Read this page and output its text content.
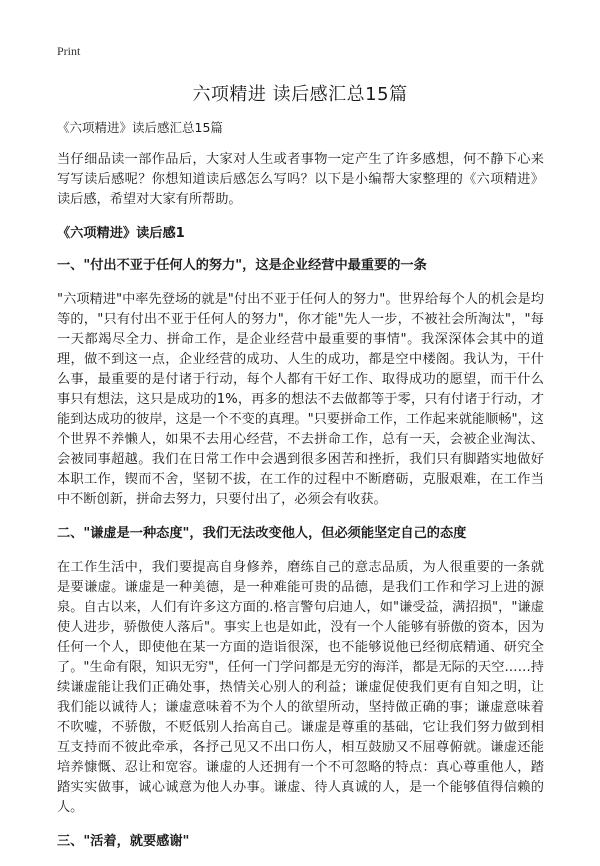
Print
六项精进 读后感汇总15篇

《六项精进》读后感汇总15篇

当仔细品读一部作品后，大家对人生或者事物一定产生了许多感想，何不静下心来写写读后感呢？你想知道读后感怎么写吗？以下是小编帮大家整理的《六项精进》读后感，希望对大家有所帮助。

《六项精进》读后感1
一、"付出不亚于任何人的努力"，这是企业经营中最重要的一条

"六项精进"中率先登场的就是"付出不亚于任何人的努力"。世界给每个人的机会是均等的，"只有付出不亚于任何人的努力"，你才能"先人一步，不被社会所淘汰"，"每一天都竭尽全力、拼命工作，是企业经营中最重要的事情"。我深深体会其中的道理，做不到这一点，企业经营的成功、人生的成功，都是空中楼阁。我认为，干什么事，最重要的是付诸于行动，每个人都有干好工作、取得成功的愿望，而干什么事只有想法，这只是成功的1%，再多的想法不去做都等于零，只有付诸于行动，才能到达成功的彼岸，这是一个不变的真理。"只要拼命工作，工作起来就能顺畅"，这个世界不养懒人，如果不去用心经营，不去拼命工作，总有一天，会被企业淘汰、会被同事超越。我们在日常工作中会遇到很多困苦和挫折，我们只有脚踏实地做好本职工作，锲而不舍，坚韧不拔，在工作的过程中不断磨砺，克服艰难，在工作当中不断创新，拼命去努力，只要付出了，必须会有收获。

二、"谦虚是一种态度"，我们无法改变他人，但必须能坚定自己的态度

在工作生活中，我们要提高自身修养，磨练自己的意志品质，为人很重要的一条就是要谦虚。谦虚是一种美德，是一种难能可贵的品德，是我们工作和学习上进的源泉。自古以来，人们有许多这方面的.格言警句启迪人，如"谦受益，满招损"，"谦虚使人进步，骄傲使人落后"。事实上也是如此，没有一个人能够有骄傲的资本，因为任何一个人，即使他在某一方面的造诣很深，也不能够说他已经彻底精通、研究全了。"生命有限，知识无穷"，任何一门学问都是无穷的海洋，都是无际的天空……持续谦虚能让我们正确处事，热情关心别人的利益；谦虚促使我们更有自知之明，让我们能以诚待人；谦虚意味着不为个人的欲望所动，坚持做正确的事；谦虚意味着不吹嘘，不骄傲，不贬低别人抬高自己。谦虚是尊重的基础，它让我们努力做到相互支持而不彼此牵承，各抒己见又不出口伤人，相互鼓励又不屈尊俯就。谦虚还能培养慷慨、忍让和宽容。谦虚的人还拥有一个不可忽略的特点：真心尊重他人，踏踏实实做事，诚心诚意为他人办事。谦虚、待人真诚的人，是一个能够值得信赖的人。

三、"活着，就要感谢"
